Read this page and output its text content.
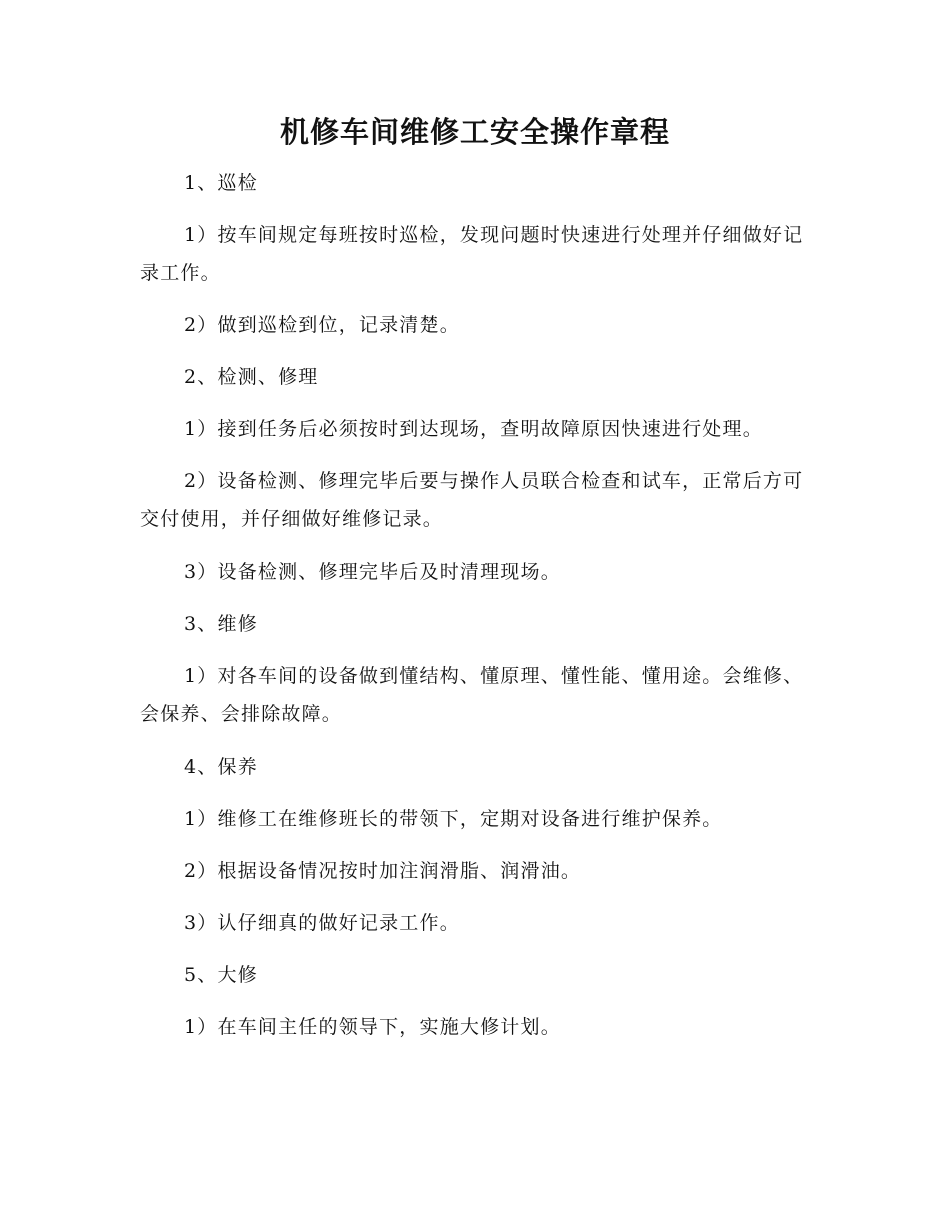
机修车间维修工安全操作章程

1、巡检

1）按车间规定每班按时巡检，发现问题时快速进行处理并仔细做好记录工作。

2）做到巡检到位，记录清楚。

2、检测、修理

1）接到任务后必须按时到达现场，查明故障原因快速进行处理。

2）设备检测、修理完毕后要与操作人员联合检查和试车，正常后方可交付使用，并仔细做好维修记录。

3）设备检测、修理完毕后及时清理现场。

3、维修

1）对各车间的设备做到懂结构、懂原理、懂性能、懂用途。会维修、会保养、会排除故障。

4、保养

1）维修工在维修班长的带领下，定期对设备进行维护保养。

2）根据设备情况按时加注润滑脂、润滑油。

3）认仔细真的做好记录工作。

5、大修

1）在车间主任的领导下，实施大修计划。
